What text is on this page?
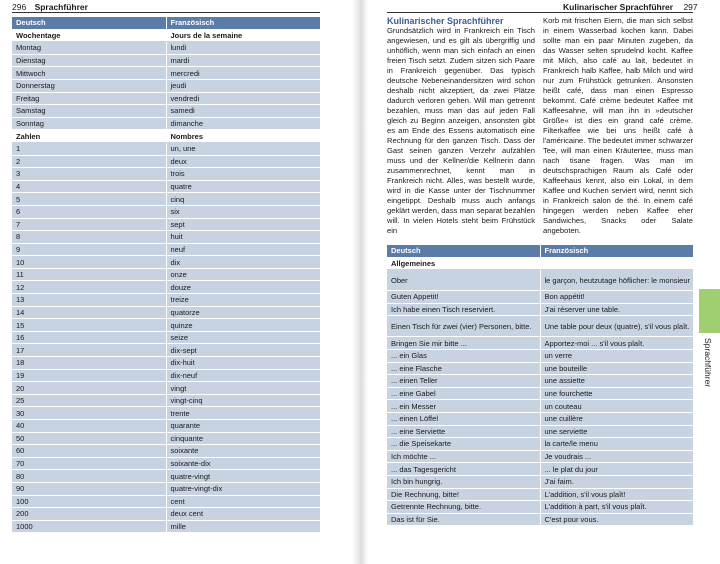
296 Sprachführer
Deutsch	Französisch
Wochentage	Jours de la semaine
Montag	lundi
Dienstag	mardi
Mittwoch	mercredi
Donnerstag	jeudi
Freitag	vendredi
Samstag	samedi
Sonntag	dimanche
Zahlen	Nombres
1	un, une
2	deux
3	trois
4	quatre
5	cinq
6	six
7	sept
8	huit
9	neuf
10	dix
11	onze
12	douze
13	treize
14	quatorze
15	quinze
16	seize
17	dix-sept
18	dix-huit
19	dix-neuf
20	vingt
25	vingt-cinq
30	trente
40	quarante
50	cinquante
60	soixante
70	soixante-dix
80	quatre-vingt
90	quatre-vingt-dix
100	cent
200	deux cent
1000	mille
Kulinarischer Sprachführer 297
Kulinarischer Sprachführer

Grundsätzlich wird in Frankreich ein Tisch angewiesen, und es gilt als übergriffig und unhöflich, wenn man sich einfach an einen freien Tisch setzt. Zudem sitzen sich Paare in Frankreich gegenüber. Das typisch deutsche Nebeneinandersitzen wird schon deshalb nicht akzeptiert, da zwei Plätze dadurch verloren gehen. Will man getrennt bezahlen, muss man das auf jeden Fall gleich zu Beginn anzeigen, ansonsten gibt es am Ende des Essens automatisch eine Rechnung für den ganzen Tisch. Dass der Gast seinen ganzen Verzehr aufzählen muss und der Kellner/die Kellnerin dann zusammenrechnet, kennt man in Frankreich nicht. Alles, was bestellt wurde, wird in die Kasse unter der Tischnummer eingetippt. Deshalb muss auch anfangs geklärt werden, dass man separat bezahlen will. In vielen Hotels steht beim Frühstück ein

Korb mit frischen Eiern, die man sich selbst in einem Wasserbad kochen kann. Dabei sollte man ein paar Minuten zugeben, da das Wasser selten sprudelnd kocht. Kaffee mit Milch, also café au lait, bedeutet in Frankreich halb Kaffee, halb Milch und wird nur zum Frühstück getrunken. Ansonsten heißt café, dass man einen Espresso bekommt. Café crème bedeutet Kaffee mit Kaffeesahne, will man ihn in »deutscher Größe« ist dies ein grand café crème. Filterkaffee wie bei uns heißt café à l'américaine. The bedeutet immer schwarzer Tee, will man einen Kräutertee, muss man nach tisane fragen. Was man im deutschsprachigen Raum als Café oder Kaffeehaus kennt, also ein Lokal, in dem Kaffee und Kuchen serviert wird, nennt sich in Frankreich salon de thé. In einem café hingegen werden neben Kaffee eher Sandwiches, Snacks oder Salate angeboten.

Deutsch	Französisch
Allgemeines	
Ober	le garçon, heutzutage höflicher: le monsieur
Guten Appetit!	Bon appétit!
Ich habe einen Tisch reserviert.	J'ai réserver une table.
Einen Tisch für zwei (vier) Personen, bitte.	Une table pour deux (quatre), s'il vous plaît.
Bringen Sie mir bitte ...	Apportez-moi ... s'il vous plaît.
... ein Glas	un verre
... eine Flasche	une bouteille
... einen Teller	une assiette
... eine Gabel	une fourchette
... ein Messer	un couteau
... einen Löffel	une cuillère
... eine Serviette	une serviette
... die Speisekarte	la carte/le menu
Ich möchte ...	Je voudrais ...
... das Tagesgericht	... le plat du jour
Ich bin hungrig.	J'ai faim.
Die Rechnung, bitte!	L'addition, s'il vous plaît!
Getrennte Rechnung, bitte.	L'addition à part, s'il vous plaît.
Das ist für Sie.	C'est pour vous.
Sprachführer
